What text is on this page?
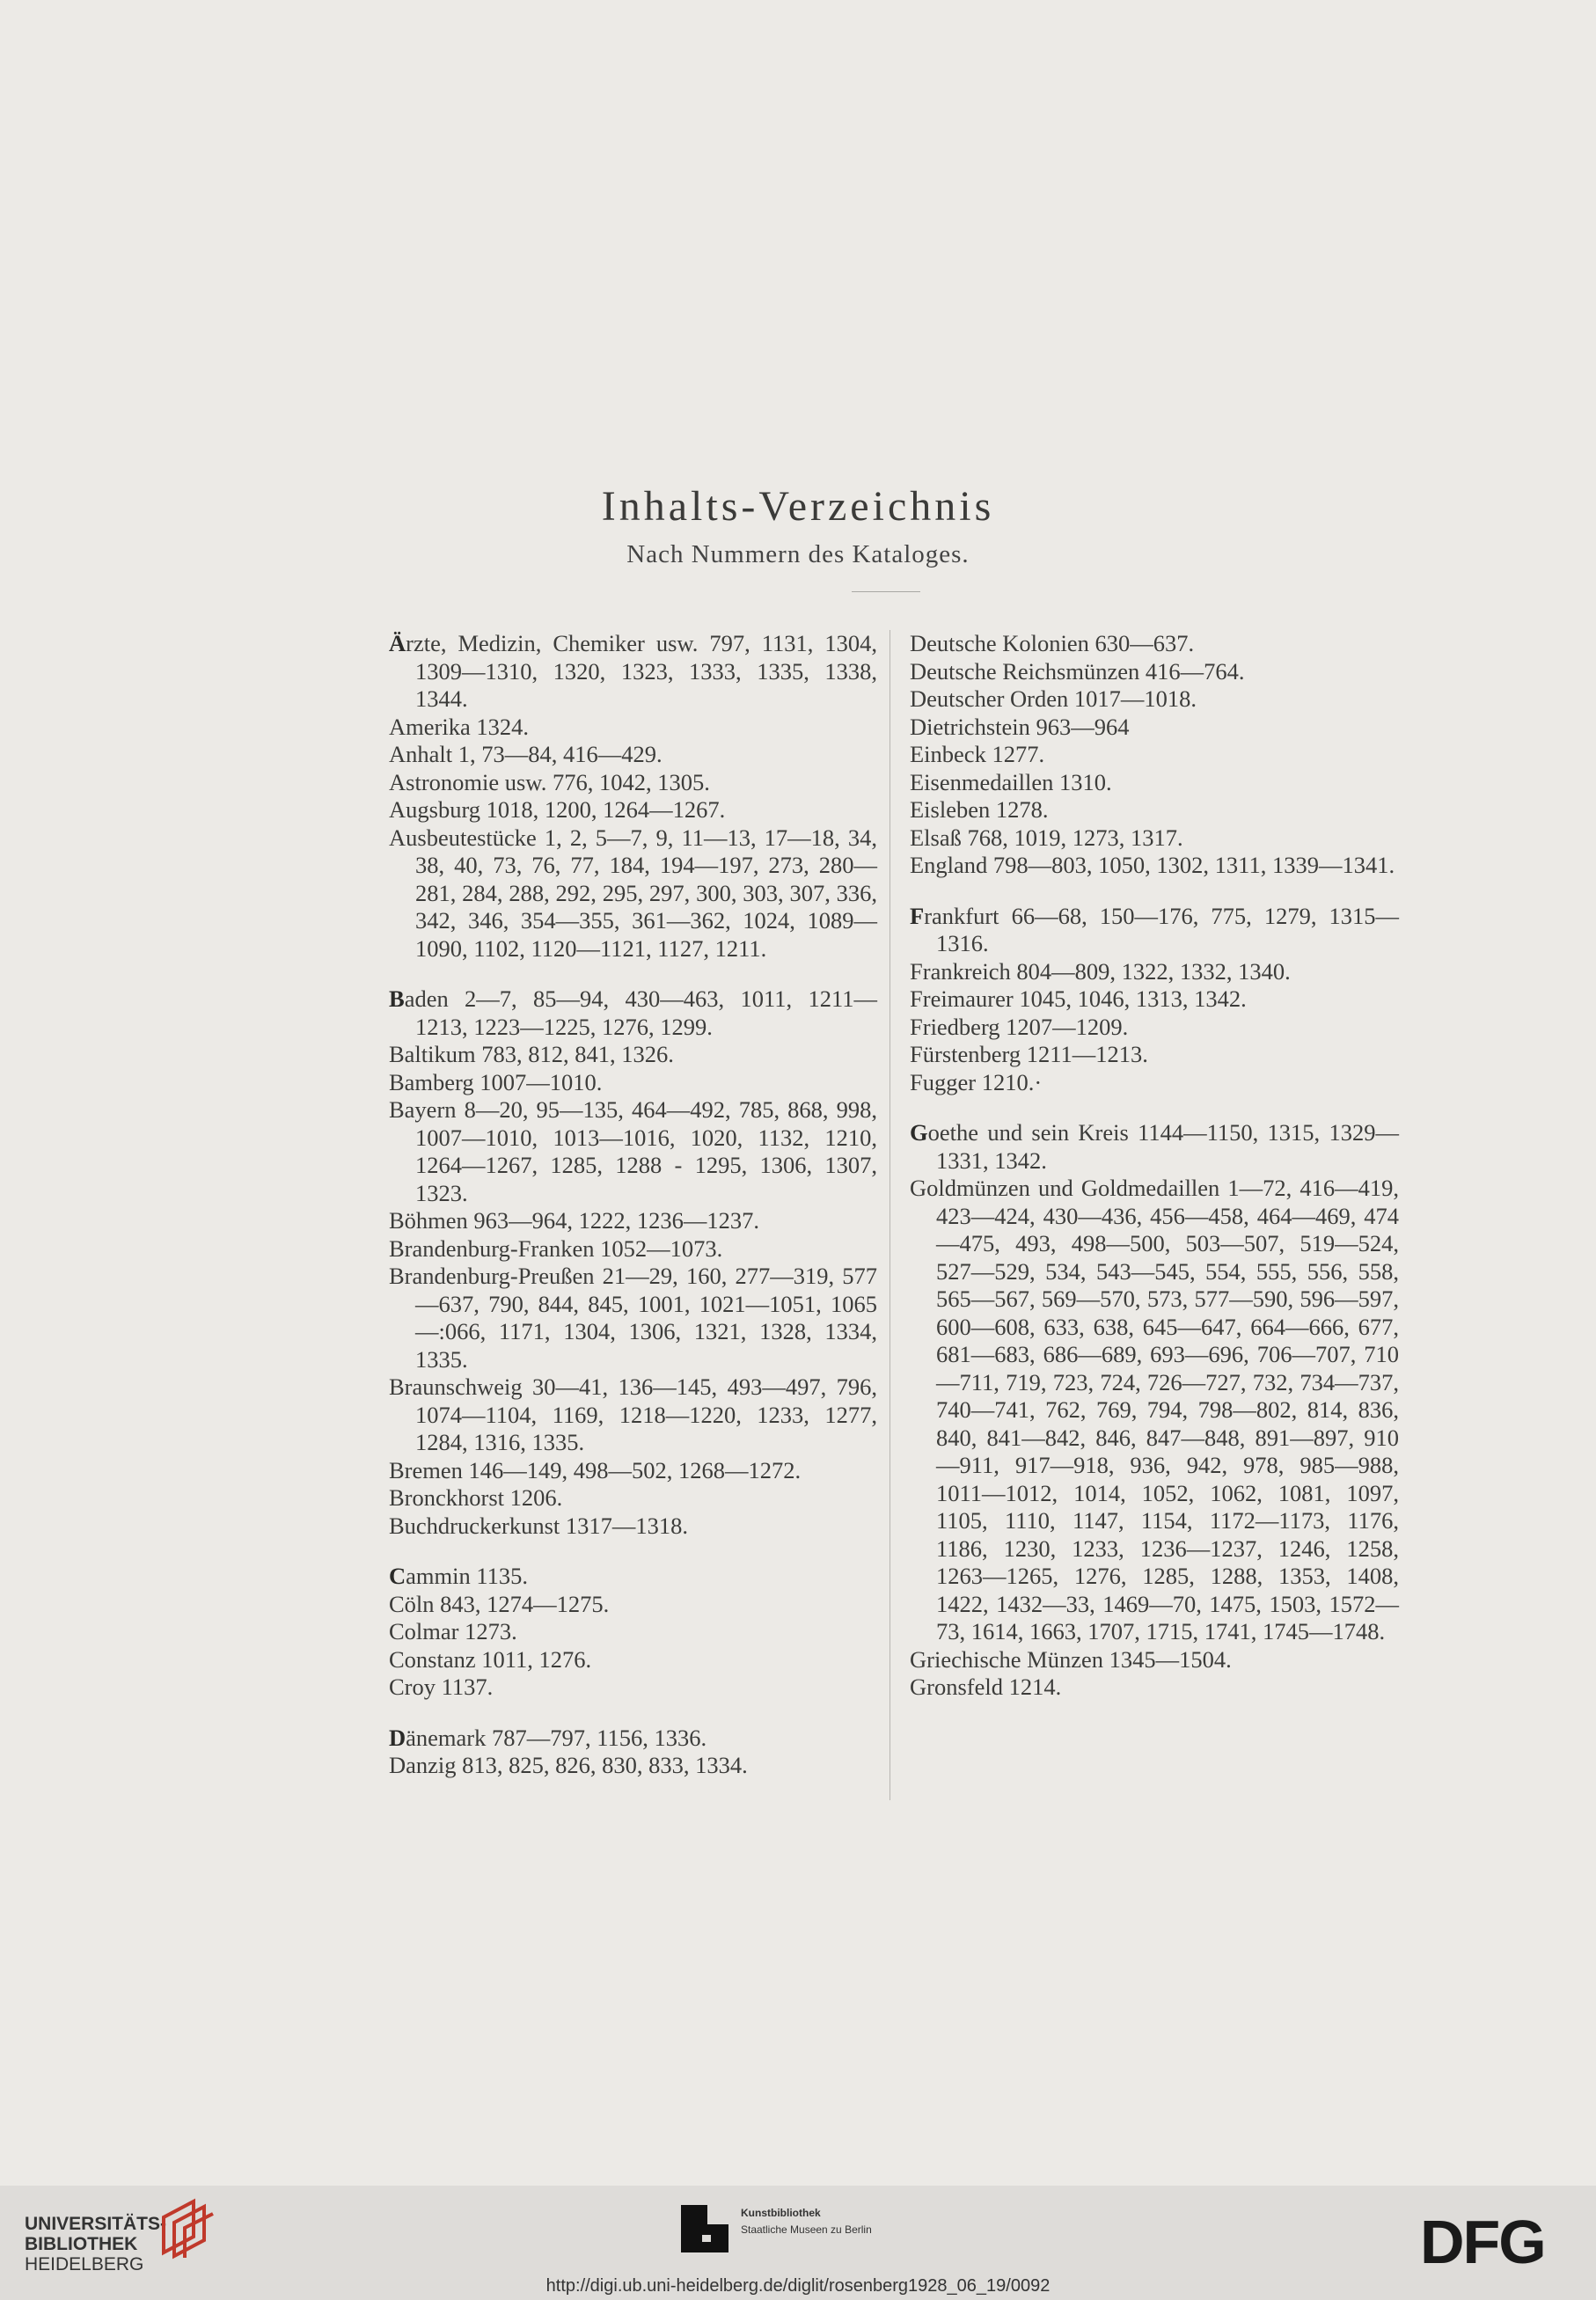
Inhalts-Verzeichnis
Nach Nummern des Kataloges.
Ärzte, Medizin, Chemiker usw. 797, 1131, 1304, 1309—1310, 1320, 1323, 1333, 1335, 1338, 1344.
Amerika 1324.
Anhalt 1, 73—84, 416—429.
Astronomie usw. 776, 1042, 1305.
Augsburg 1018, 1200, 1264—1267.
Ausbeutestücke 1, 2, 5—7, 9, 11—13, 17—18, 34, 38, 40, 73, 76, 77, 184, 194—197, 273, 280—281, 284, 288, 292, 295, 297, 300, 303, 307, 336, 342, 346, 354—355, 361—362, 1024, 1089—1090, 1102, 1120—1121, 1127, 1211.
Baden 2—7, 85—94, 430—463, 1011, 1211—1213, 1223—1225, 1276, 1299.
Baltikum 783, 812, 841, 1326.
Bamberg 1007—1010.
Bayern 8—20, 95—135, 464—492, 785, 868, 998, 1007—1010, 1013—1016, 1020, 1132, 1210, 1264—1267, 1285, 1288 - 1295, 1306, 1307, 1323.
Böhmen 963—964, 1222, 1236—1237.
Brandenburg-Franken 1052—1073.
Brandenburg-Preußen 21—29, 160, 277—319, 577—637, 790, 844, 845, 1001, 1021—1051, 1065—:066, 1171, 1304, 1306, 1321, 1328, 1334, 1335.
Braunschweig 30—41, 136—145, 493—497, 796, 1074—1104, 1169, 1218—1220, 1233, 1277, 1284, 1316, 1335.
Bremen 146—149, 498—502, 1268—1272.
Bronckhorst 1206.
Buchdruckerkunst 1317—1318.
Cammin 1135.
Cöln 843, 1274—1275.
Colmar 1273.
Constanz 1011, 1276.
Croy 1137.
Dänemark 787—797, 1156, 1336.
Danzig 813, 825, 826, 830, 833, 1334.
Deutsche Kolonien 630—637.
Deutsche Reichsmünzen 416—764.
Deutscher Orden 1017—1018.
Dietrichstein 963—964
Einbeck 1277.
Eisenmedaillen 1310.
Eisleben 1278.
Elsaß 768, 1019, 1273, 1317.
England 798—803, 1050, 1302, 1311, 1339—1341.
Frankfurt 66—68, 150—176, 775, 1279, 1315—1316.
Frankreich 804—809, 1322, 1332, 1340.
Freimaurer 1045, 1046, 1313, 1342.
Friedberg 1207—1209.
Fürstenberg 1211—1213.
Fugger 1210.·
Goethe und sein Kreis 1144—1150, 1315, 1329—1331, 1342.
Goldmünzen und Goldmedaillen 1—72, 416—419, 423—424, 430—436, 456—458, 464—469, 474—475, 493, 498—500, 503—507, 519—524, 527—529, 534, 543—545, 554, 555, 556, 558, 565—567, 569—570, 573, 577—590, 596—597, 600—608, 633, 638, 645—647, 664—666, 677, 681—683, 686—689, 693—696, 706—707, 710—711, 719, 723, 724, 726—727, 732, 734—737, 740—741, 762, 769, 794, 798—802, 814, 836, 840, 841—842, 846, 847—848, 891—897, 910—911, 917—918, 936, 942, 978, 985—988, 1011—1012, 1014, 1052, 1062, 1081, 1097, 1105, 1110, 1147, 1154, 1172—1173, 1176, 1186, 1230, 1233, 1236—1237, 1246, 1258, 1263—1265, 1276, 1285, 1288, 1353, 1408, 1422, 1432—33, 1469—70, 1475, 1503, 1572—73, 1614, 1663, 1707, 1715, 1741, 1745—1748.
Griechische Münzen 1345—1504.
Gronsfeld 1214.
UNIVERSITÄTS-
BIBLIOTHEK
HEIDELBERG
Kunstbibliothek
Staatliche Museen zu Berlin	DFG
http://digi.ub.uni-heidelberg.de/diglit/rosenberg1928_06_19/0092
